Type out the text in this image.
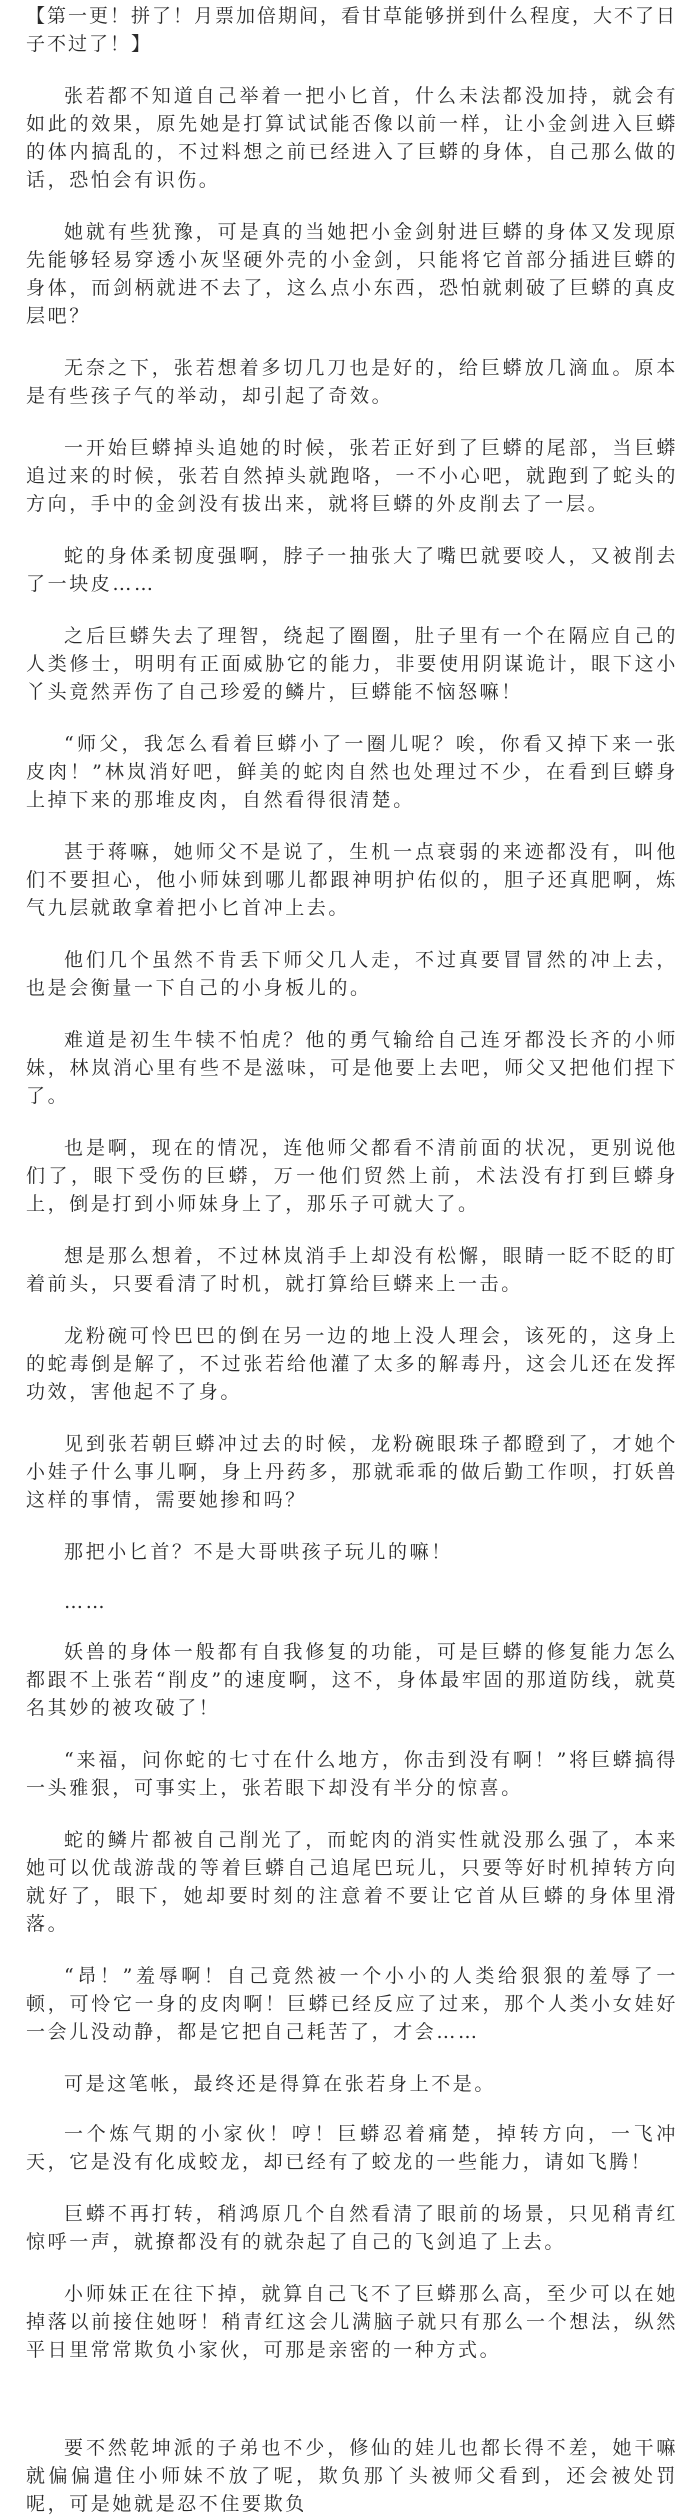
【第一更！拼了！月票加倍期间，看甘草能够拼到什么程度，大不了日子不过了！】

张若都不知道自己举着一把小匕首，什么未法都没加持，就会有如此的效果，原先她是打算试试能否像以前一样，让小金剑进入巨蟒的体内搞乱的，不过料想之前已经进入了巨蟒的身体，自己那么做的话，恐怕会有识伤。

她就有些犹豫，可是真的当她把小金剑射进巨蟒的身体又发现原先能够轻易穿透小灰坚硬外壳的小金剑，只能将它首部分插进巨蟒的身体，而剑柄就进不去了，这么点小东西，恐怕就刺破了巨蟒的真皮层吧？

无奈之下，张若想着多切几刀也是好的，给巨蟒放几滴血。原本是有些孩子气的举动，却引起了奇效。

一开始巨蟒掉头追她的时候，张若正好到了巨蟒的尾部，当巨蟒追过来的时候，张若自然掉头就跑咯，一不小心吧，就跑到了蛇头的方向，手中的金剑没有拔出来，就将巨蟒的外皮削去了一层。

蛇的身体柔韧度强啊，脖子一抽张大了嘴巴就要咬人，又被削去了一块皮……

之后巨蟒失去了理智，绕起了圈圈，肚子里有一个在隔应自己的人类修士，明明有正面威胁它的能力，非要使用阴谋诡计，眼下这小丫头竟然弄伤了自己珍爱的鳞片，巨蟒能不恼怒嘛！

“师父，我怎么看着巨蟒小了一圈儿呢？唉，你看又掉下来一张皮肉！”林岚消好吧，鲜美的蛇肉自然也处理过不少，在看到巨蟒身上掉下来的那堆皮肉，自然看得很清楚。

甚于蒋嘛，她师父不是说了，生机一点衰弱的来迹都没有，叫他们不要担心，他小师妹到哪儿都跟神明护佑似的，胆子还真肥啊，炼气九层就敢拿着把小匕首冲上去。

他们几个虽然不肯丢下师父几人走，不过真要冒冒然的冲上去，也是会衡量一下自己的小身板儿的。

难道是初生牛犊不怕虎？他的勇气输给自己连牙都没长齐的小师妹，林岚消心里有些不是滋味，可是他要上去吧，师父又把他们捏下了。

也是啊，现在的情况，连他师父都看不清前面的状况，更别说他们了，眼下受伤的巨蟒，万一他们贸然上前，术法没有打到巨蟒身上，倒是打到小师妹身上了，那乐子可就大了。

想是那么想着，不过林岚消手上却没有松懈，眼睛一眨不眨的盯着前头，只要看清了时机，就打算给巨蟒来上一击。

龙粉碗可怜巴巴的倒在另一边的地上没人理会，该死的，这身上的蛇毒倒是解了，不过张若给他灌了太多的解毒丹，这会儿还在发挥功效，害他起不了身。

见到张若朝巨蟒冲过去的时候，龙粉碗眼珠子都瞪到了，才她个小娃子什么事儿啊，身上丹药多，那就乖乖的做后勤工作呗，打妖兽这样的事情，需要她掺和吗？

那把小匕首？不是大哥哄孩子玩儿的嘛！

……

妖兽的身体一般都有自我修复的功能，可是巨蟒的修复能力怎么都跟不上张若“削皮”的速度啊，这不，身体最牢固的那道防线，就莫名其妙的被攻破了！

“来福，问你蛇的七寸在什么地方，你击到没有啊！”将巨蟒搞得一头雅狠，可事实上，张若眼下却没有半分的惊喜。

蛇的鳞片都被自己削光了，而蛇肉的消实性就没那么强了，本来她可以优哉游哉的等着巨蟒自己追尾巴玩儿，只要等好时机掉转方向就好了，眼下，她却要时刻的注意着不要让它首从巨蟒的身体里滑落。

“昂！”羞辱啊！自己竟然被一个小小的人类给狠狠的羞辱了一顿，可怜它一身的皮肉啊！巨蟒已经反应了过来，那个人类小女娃好一会儿没动静，都是它把自己耗苦了，才会……

可是这笔帐，最终还是得算在张若身上不是。

一个炼气期的小家伙！哼！巨蟒忍着痛楚，掉转方向，一飞冲天，它是没有化成蛟龙，却已经有了蛟龙的一些能力，请如飞腾！

巨蟒不再打转，稍鸿原几个自然看清了眼前的场景，只见稍青红惊呼一声，就撩都没有的就杂起了自己的飞剑追了上去。

小师妹正在往下掉，就算自己飞不了巨蟒那么高，至少可以在她掉落以前接住她呀！稍青红这会儿满脑子就只有那么一个想法，纵然平日里常常欺负小家伙，可那是亲密的一种方式。

要不然乾坤派的子弟也不少，修仙的娃儿也都长得不差，她干嘛就偏偏遣住小师妹不放了呢，欺负那丫头被师父看到，还会被处罚呢，可是她就是忍不住要欺负
